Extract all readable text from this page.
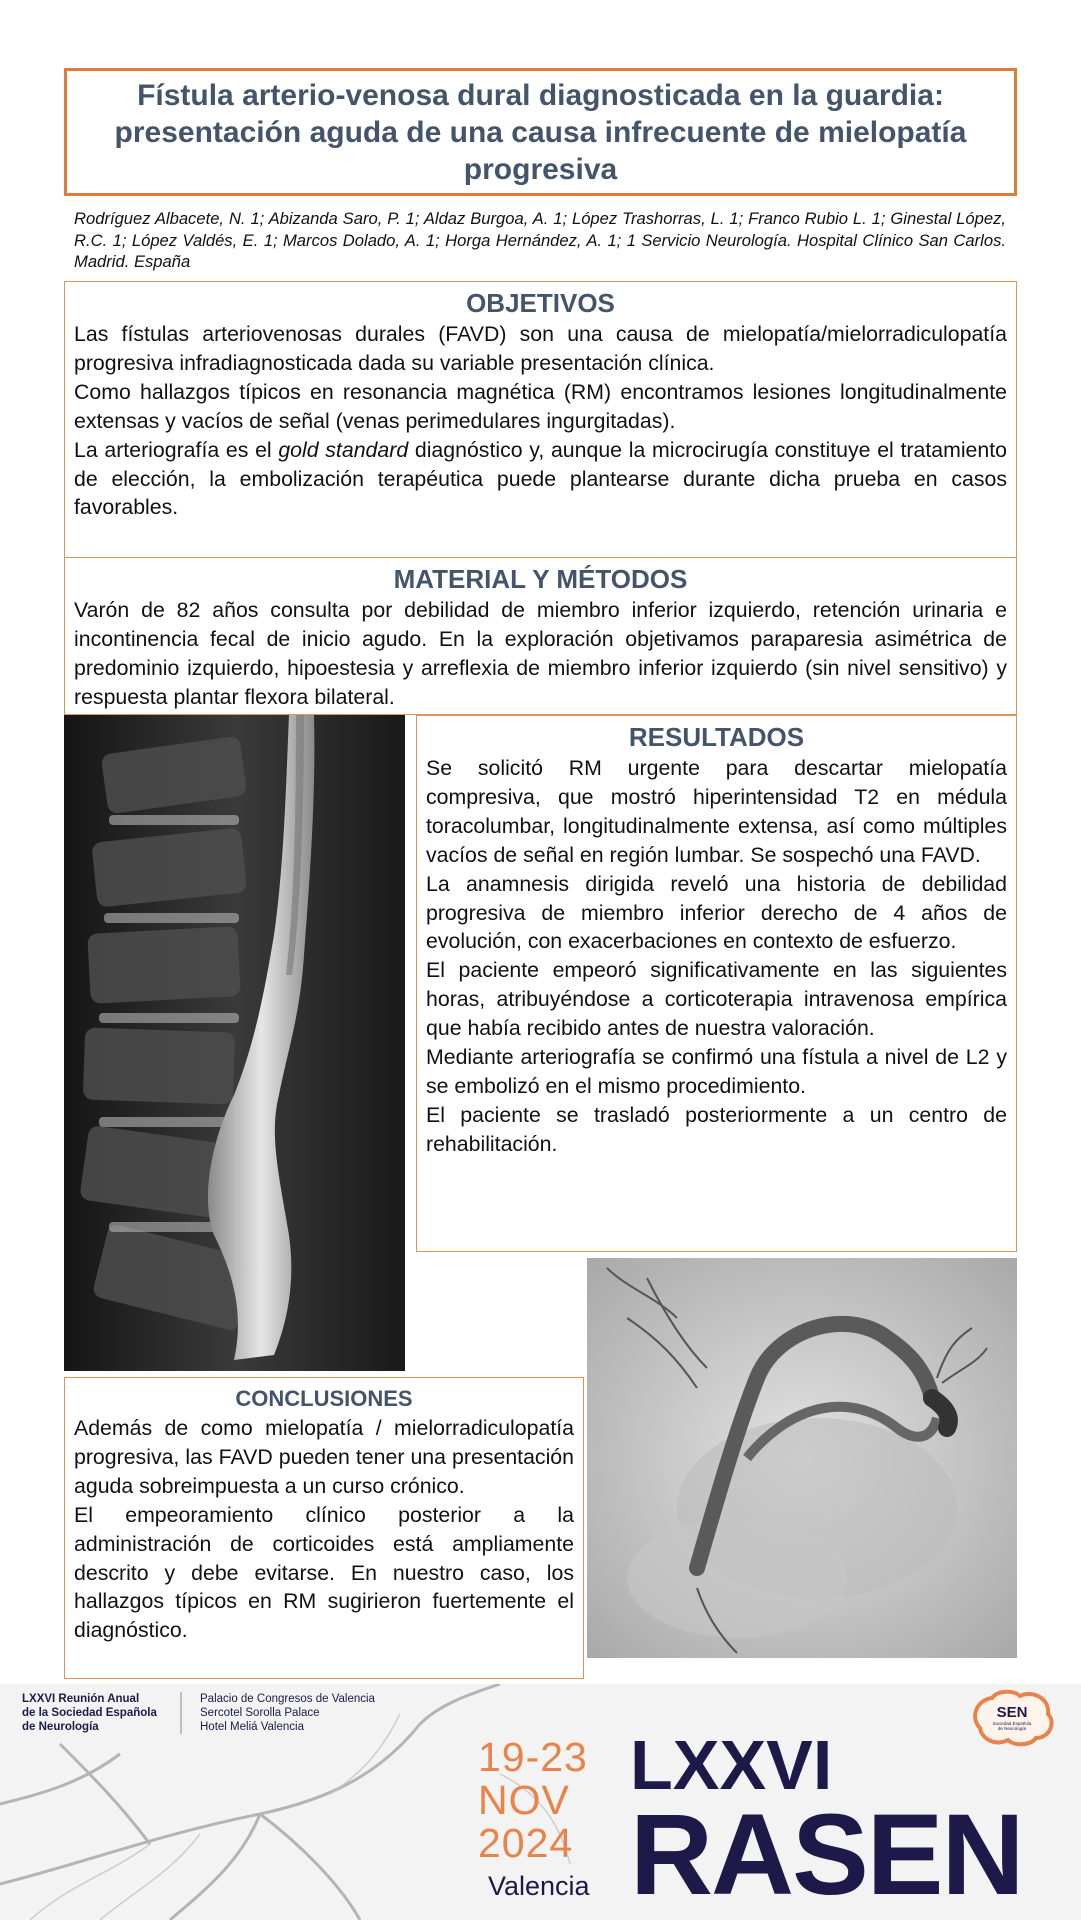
Fístula arterio-venosa dural diagnosticada en la guardia: presentación aguda de una causa infrecuente de mielopatía progresiva
Rodríguez Albacete, N. 1; Abizanda Saro, P. 1; Aldaz Burgoa, A. 1; López Trashorras, L. 1; Franco Rubio L. 1; Ginestal López, R.C. 1; López Valdés, E. 1; Marcos Dolado, A. 1; Horga Hernández, A. 1; 1 Servicio Neurología. Hospital Clínico San Carlos. Madrid. España
OBJETIVOS

Las fístulas arteriovenosas durales (FAVD) son una causa de mielopatía/mielorradiculopatía progresiva infradiagnosticada dada su variable presentación clínica.

Como hallazgos típicos en resonancia magnética (RM) encontramos lesiones longitudinalmente extensas y vacíos de señal (venas perimedulares ingurgitadas).

La arteriografía es el gold standard diagnóstico y, aunque la microcirugía constituye el tratamiento de elección, la embolización terapéutica puede plantearse durante dicha prueba en casos favorables.

MATERIAL Y MÉTODOS

Varón de 82 años consulta por debilidad de miembro inferior izquierdo, retención urinaria e incontinencia fecal de inicio agudo. En la exploración objetivamos paraparesia asimétrica de predominio izquierdo, hipoestesia y arreflexia de miembro inferior izquierdo (sin nivel sensitivo) y respuesta plantar flexora bilateral.

RESULTADOS

Se solicitó RM urgente para descartar mielopatía compresiva, que mostró hiperintensidad T2 en médula toracolumbar, longitudinalmente extensa, así como múltiples vacíos de señal en región lumbar. Se sospechó una FAVD.

La anamnesis dirigida reveló una historia de debilidad progresiva de miembro inferior derecho de 4 años de evolución, con exacerbaciones en contexto de esfuerzo.

El paciente empeoró significativamente en las siguientes horas, atribuyéndose a corticoterapia intravenosa empírica que había recibido antes de nuestra valoración.

Mediante arteriografía se confirmó una fístula a nivel de L2 y se embolizó en el mismo procedimiento.

El paciente se trasladó posteriormente a un centro de rehabilitación.

CONCLUSIONES

Además de como mielopatía / mielorradiculopatía progresiva, las FAVD pueden tener una presentación aguda sobreimpuesta a un curso crónico.

El empeoramiento clínico posterior a la administración de corticoides está ampliamente descrito y debe evitarse. En nuestro caso, los hallazgos típicos en RM sugirieron fuertemente el diagnóstico.

LXXVI Reunión Anual
de la Sociedad Española
de Neurología
Palacio de Congresos de Valencia
Sercotel Sorolla Palace
Hotel Meliá Valencia
19-23
NOV
2024
Valencia
LXXVI
RASEN
SEN
Sociedad Española
de Neurología
